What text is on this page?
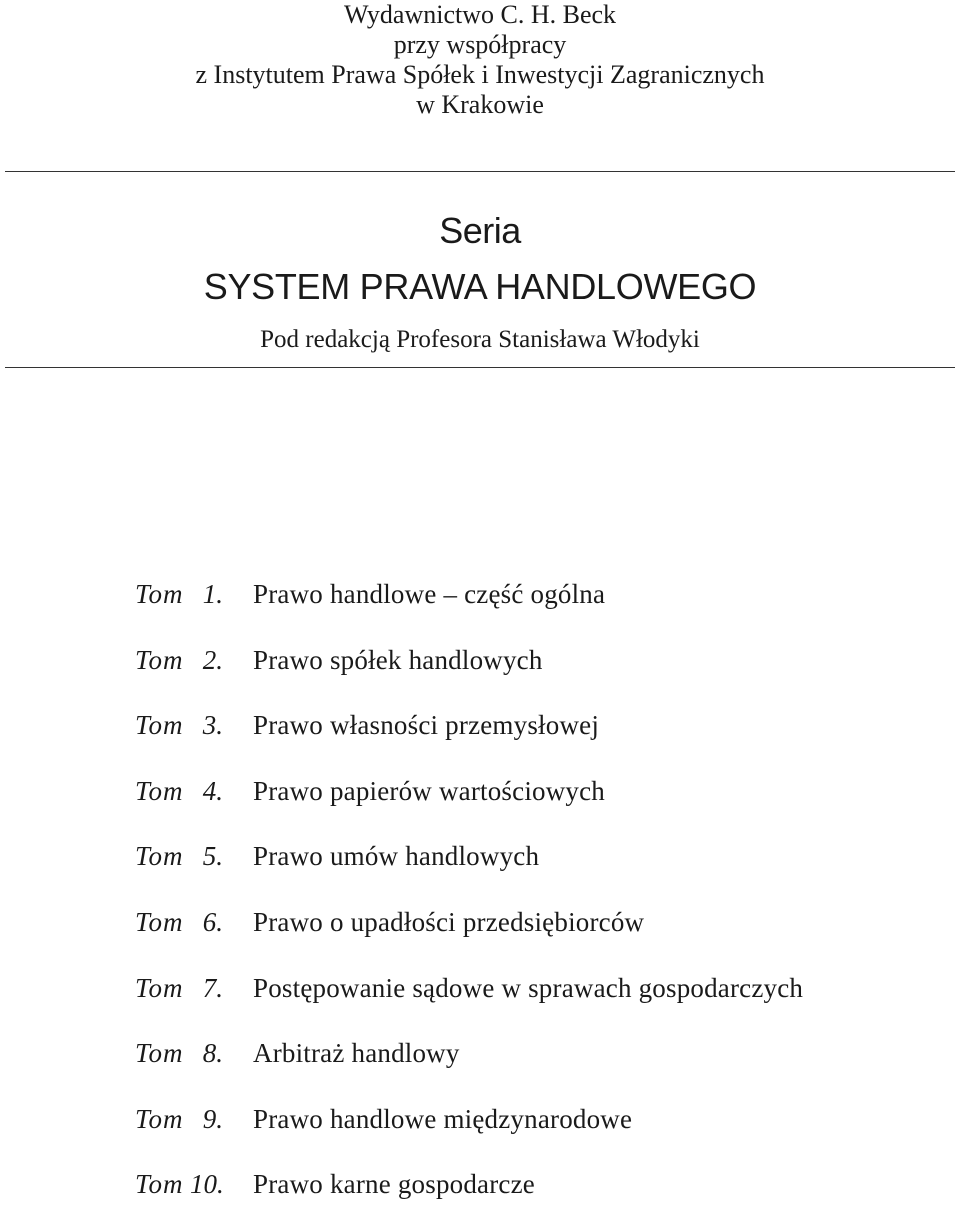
Wydawnictwo C. H. Beck
przy współpracy
z Instytutem Prawa Spółek i Inwestycji Zagranicznych
w Krakowie
Seria
SYSTEM PRAWA HANDLOWEGO
Pod redakcją Profesora Stanisława Włodyki
Tom 1. Prawo handlowe – część ogólna
Tom 2. Prawo spółek handlowych
Tom 3. Prawo własności przemysłowej
Tom 4. Prawo papierów wartościowych
Tom 5. Prawo umów handlowych
Tom 6. Prawo o upadłości przedsiębiorców
Tom 7. Postępowanie sądowe w sprawach gospodarczych
Tom 8. Arbitraż handlowy
Tom 9. Prawo handlowe międzynarodowe
Tom 10. Prawo karne gospodarcze
